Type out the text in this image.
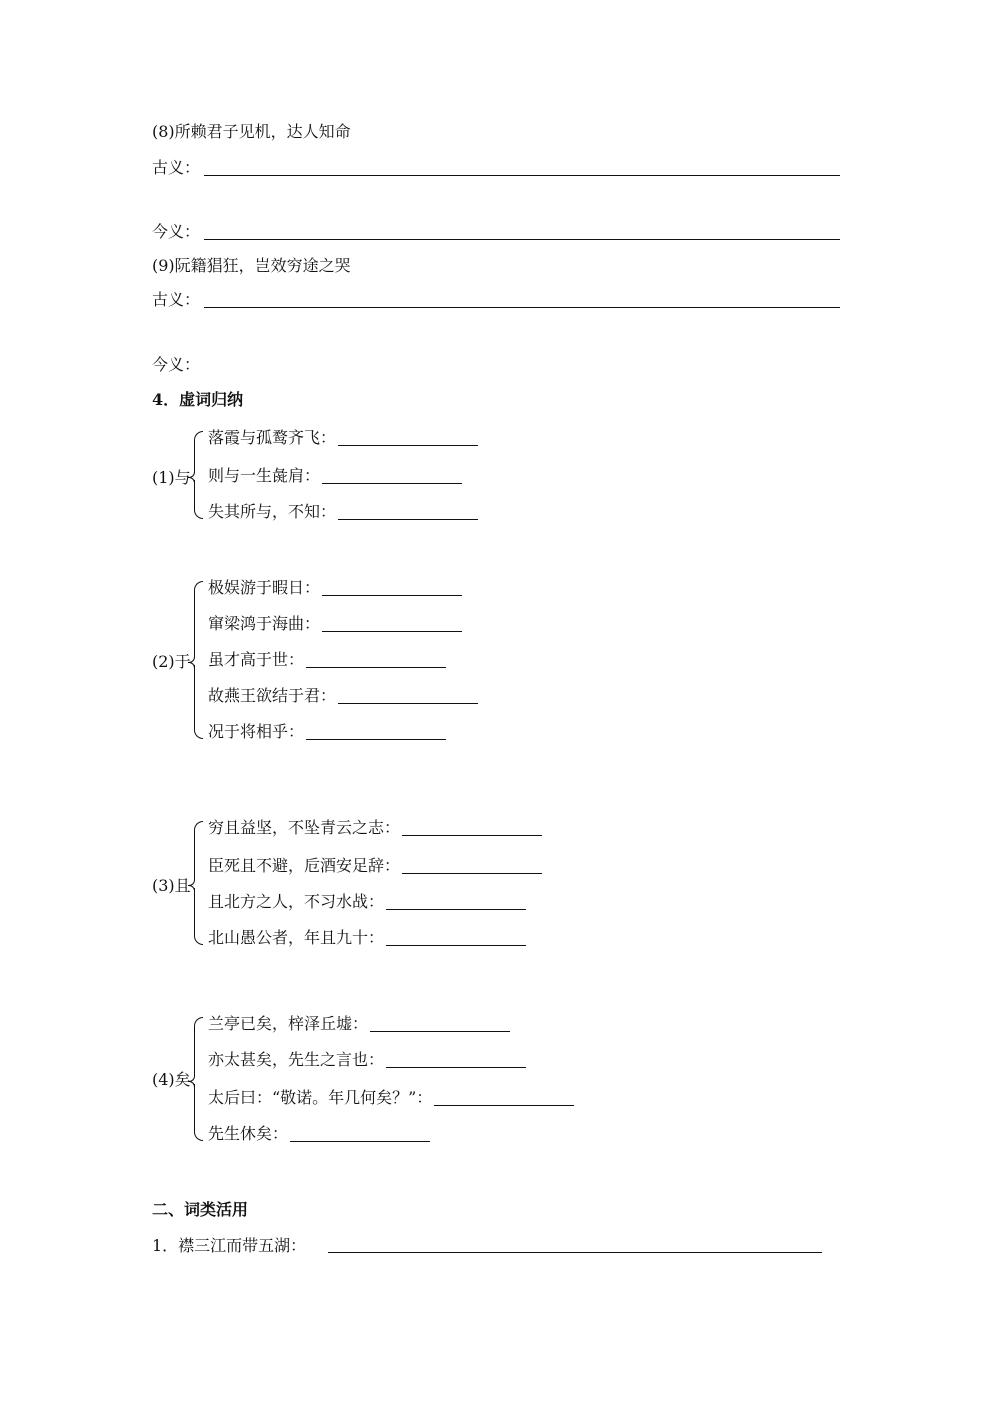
(8)所赖君子见机，达人知命
古义：
今义：
(9)阮籍猖狂，岂效穷途之哭
古义：
今义：
4．虚词归纳
(1)与
落霞与孤鹜齐飞：
则与一生彘肩：
失其所与，不知：
(2)于
极娱游于暇日：
窜梁鸿于海曲：
虽才高于世：
故燕王欲结于君：
况于将相乎：
(3)且
穷且益坚，不坠青云之志：
臣死且不避，卮酒安足辞：
且北方之人，不习水战：
北山愚公者，年且九十：
(4)矣
兰亭已矣，梓泽丘墟：
亦太甚矣，先生之言也：
太后曰：“敬诺。年几何矣？”：
先生休矣：
二、词类活用
1．襟三江而带五湖：
